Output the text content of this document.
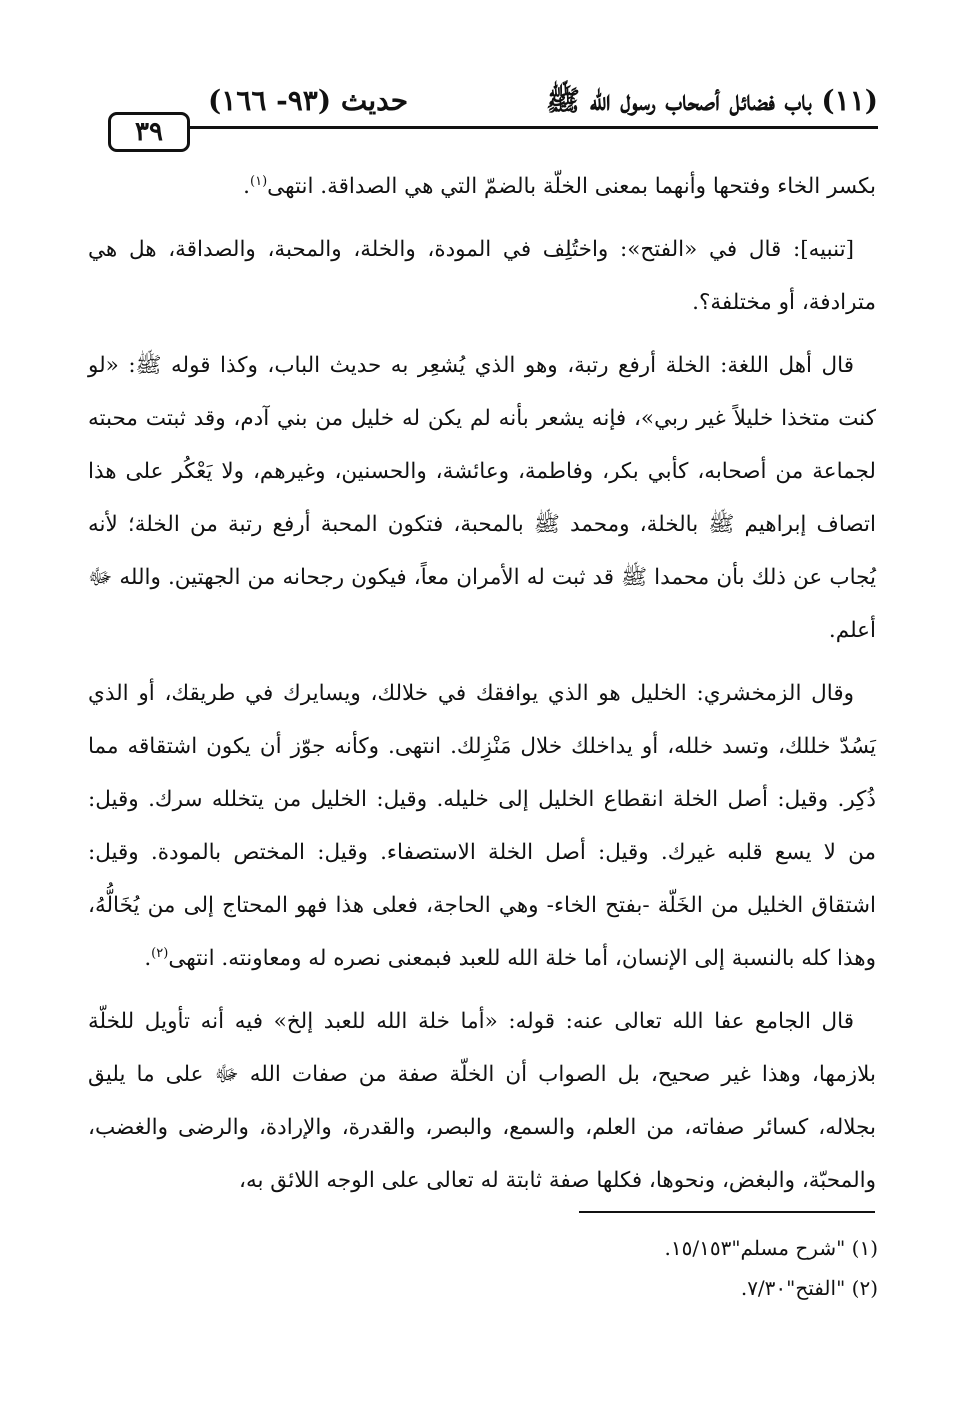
(١١) باب فضائل أصحاب رسول الله ﷺ
حديث (٩٣- ١٦٦)
٣٩

بكسر الخاء وفتحها وأنهما بمعنى الخلّة بالضمّ التي هي الصداقة. انتهى$^{(١)}$.

[تنبيه]: قال في «الفتح»: واختُلِف في المودة، والخلة، والمحبة، والصداقة، هل هي مترادفة، أو مختلفة؟.

قال أهل اللغة: الخلة أرفع رتبة، وهو الذي يُشعِر به حديث الباب، وكذا قوله ﷺ: «لو كنت متخذا خليلاً غير ربي»، فإنه يشعر بأنه لم يكن له خليل من بني آدم، وقد ثبتت محبته لجماعة من أصحابه، كأبي بكر، وفاطمة، وعائشة، والحسنين، وغيرهم، ولا يَعْكُر على هذا اتصاف إبراهيم ﷺ بالخلة، ومحمد ﷺ بالمحبة، فتكون المحبة أرفع رتبة من الخلة؛ لأنه يُجاب عن ذلك بأن محمدا ﷺ قد ثبت له الأمران معاً، فيكون رجحانه من الجهتين. والله ﷻ أعلم.

وقال الزمخشري: الخليل هو الذي يوافقك في خلالك، ويسايرك في طريقك، أو الذي يَسُدّ خللك، وتسد خلله، أو يداخلك خلال مَنْزِلك. انتهى. وكأنه جوّز أن يكون اشتقاقه مما ذُكِر. وقيل: أصل الخلة انقطاع الخليل إلى خليله. وقيل: الخليل من يتخلله سرك. وقيل: من لا يسع قلبه غيرك. وقيل: أصل الخلة الاستصفاء. وقيل: المختص بالمودة. وقيل: اشتقاق الخليل من الخَلّة -بفتح الخاء- وهي الحاجة، فعلى هذا فهو المحتاج إلى من يُخَالُّهُ، وهذا كله بالنسبة إلى الإنسان، أما خلة الله للعبد فبمعنى نصره له ومعاونته. انتهى$^{(٢)}$.

قال الجامع عفا الله تعالى عنه: قوله: «أما خلة الله للعبد إلخ» فيه أنه تأويل للخلّة بلازمها، وهذا غير صحيح، بل الصواب أن الخلّة صفة من صفات الله ﷻ على ما يليق بجلاله، كسائر صفاته، من العلم، والسمع، والبصر، والقدرة، والإرادة، والرضى والغضب، والمحبّة، والبغض، ونحوها، فكلها صفة ثابتة له تعالى على الوجه اللائق به،

(١) "شرح مسلم"١٥/١٥٣.
(٢) "الفتح"٧/٣٠.
